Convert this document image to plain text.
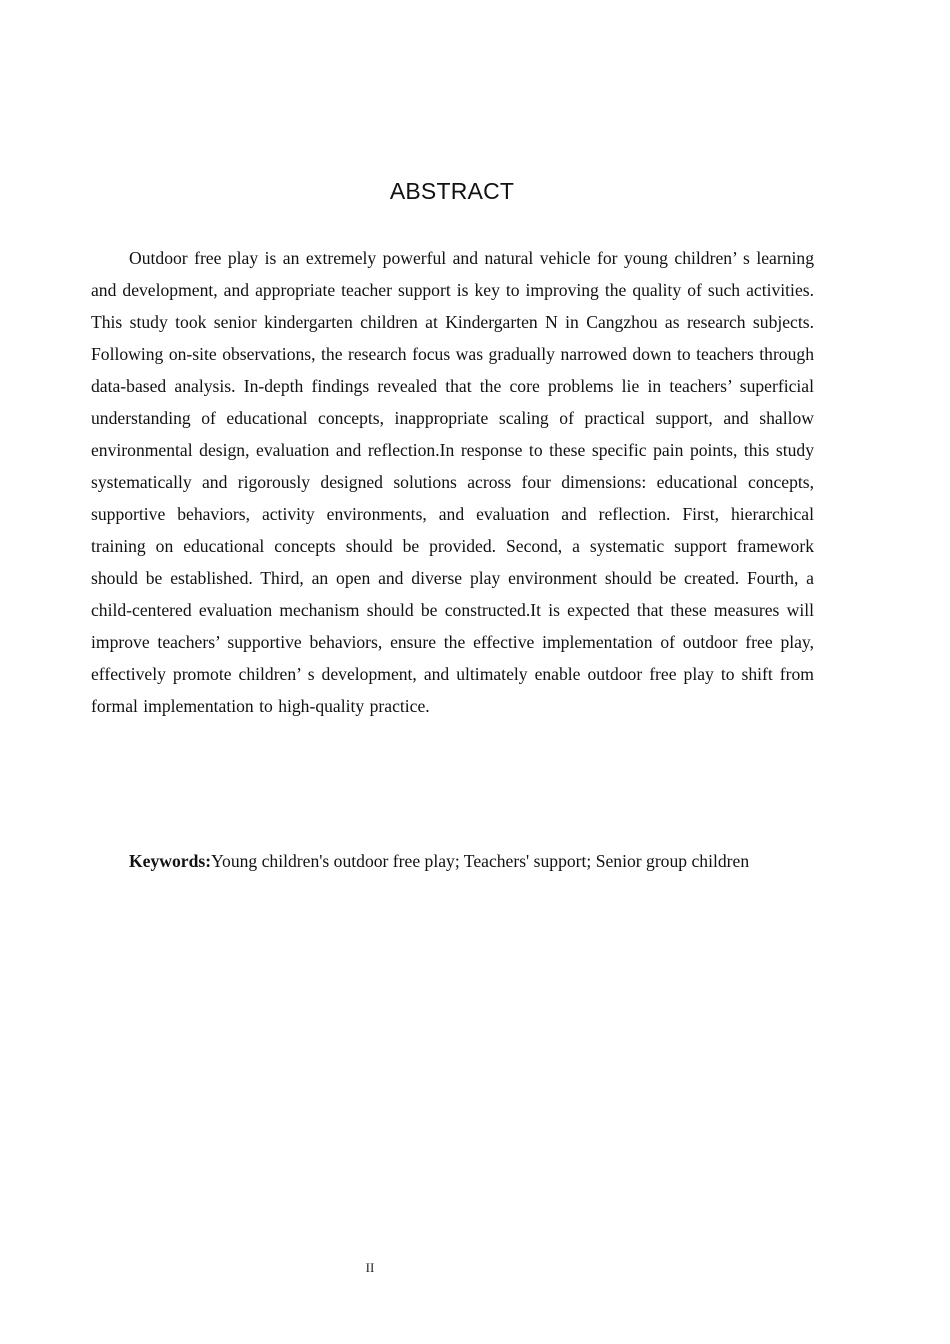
ABSTRACT

Outdoor free play is an extremely powerful and natural vehicle for young children’ s learning and development, and appropriate teacher support is key to improving the quality of such activities. This study took senior kindergarten children at Kindergarten N in Cangzhou as research subjects. Following on-site observations, the research focus was gradually narrowed down to teachers through data-based analysis. In-depth findings revealed that the core problems lie in teachers’ superficial understanding of educational concepts, inappropriate scaling of practical support, and shallow environmental design, evaluation and reflection.In response to these specific pain points, this study systematically and rigorously designed solutions across four dimensions: educational concepts, supportive behaviors, activity environments, and evaluation and reflection. First, hierarchical training on educational concepts should be provided. Second, a systematic support framework should be established. Third, an open and diverse play environment should be created. Fourth, a child-centered evaluation mechanism should be constructed.It is expected that these measures will improve teachers’ supportive behaviors, ensure the effective implementation of outdoor free play, effectively promote children’ s development, and ultimately enable outdoor free play to shift from formal implementation to high-quality practice.

Keywords:Young children's outdoor free play; Teachers' support; Senior group children

II
